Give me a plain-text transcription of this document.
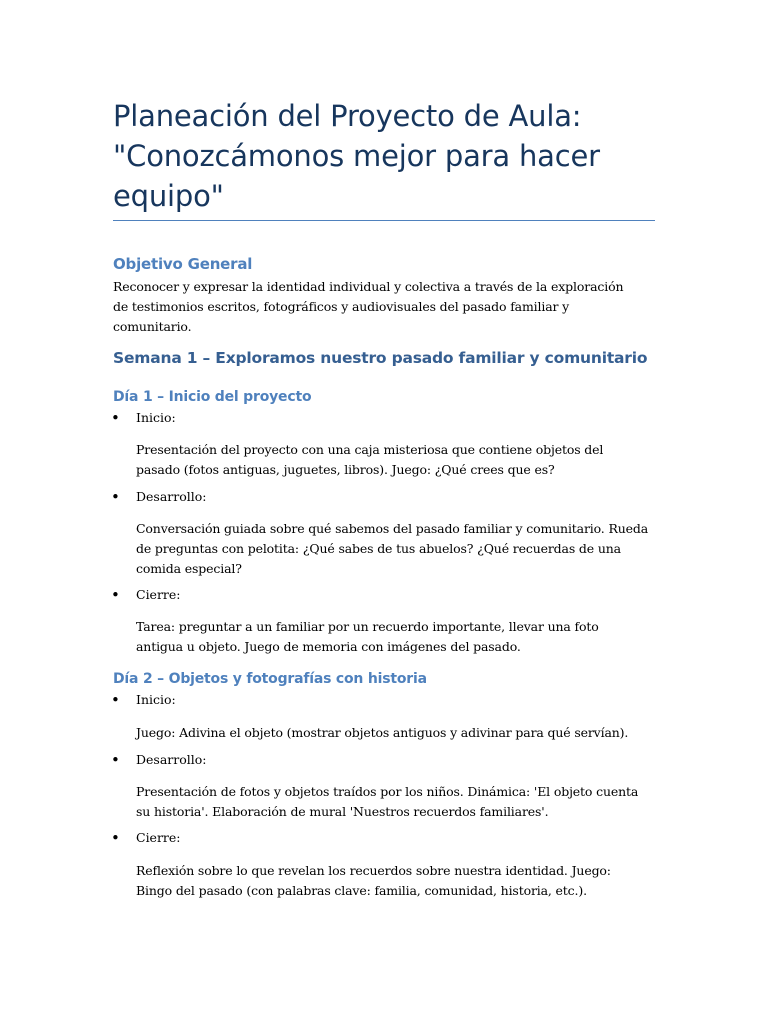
Planeación del Proyecto de Aula: "Conozcámonos mejor para hacer equipo"
Objetivo General

Reconocer y expresar la identidad individual y colectiva a través de la exploración de testimonios escritos, fotográficos y audiovisuales del pasado familiar y comunitario.

Semana 1 – Exploramos nuestro pasado familiar y comunitario
Día 1 – Inicio del proyecto
• Inicio:

Presentación del proyecto con una caja misteriosa que contiene objetos del pasado (fotos antiguas, juguetes, libros). Juego: ¿Qué crees que es?

• Desarrollo:

Conversación guiada sobre qué sabemos del pasado familiar y comunitario. Rueda de preguntas con pelotita: ¿Qué sabes de tus abuelos? ¿Qué recuerdas de una comida especial?

• Cierre:

Tarea: preguntar a un familiar por un recuerdo importante, llevar una foto antigua u objeto. Juego de memoria con imágenes del pasado.

Día 2 – Objetos y fotografías con historia
• Inicio:

Juego: Adivina el objeto (mostrar objetos antiguos y adivinar para qué servían).

• Desarrollo:

Presentación de fotos y objetos traídos por los niños. Dinámica: 'El objeto cuenta su historia'. Elaboración de mural 'Nuestros recuerdos familiares'.

• Cierre:

Reflexión sobre lo que revelan los recuerdos sobre nuestra identidad. Juego: Bingo del pasado (con palabras clave: familia, comunidad, historia, etc.).
